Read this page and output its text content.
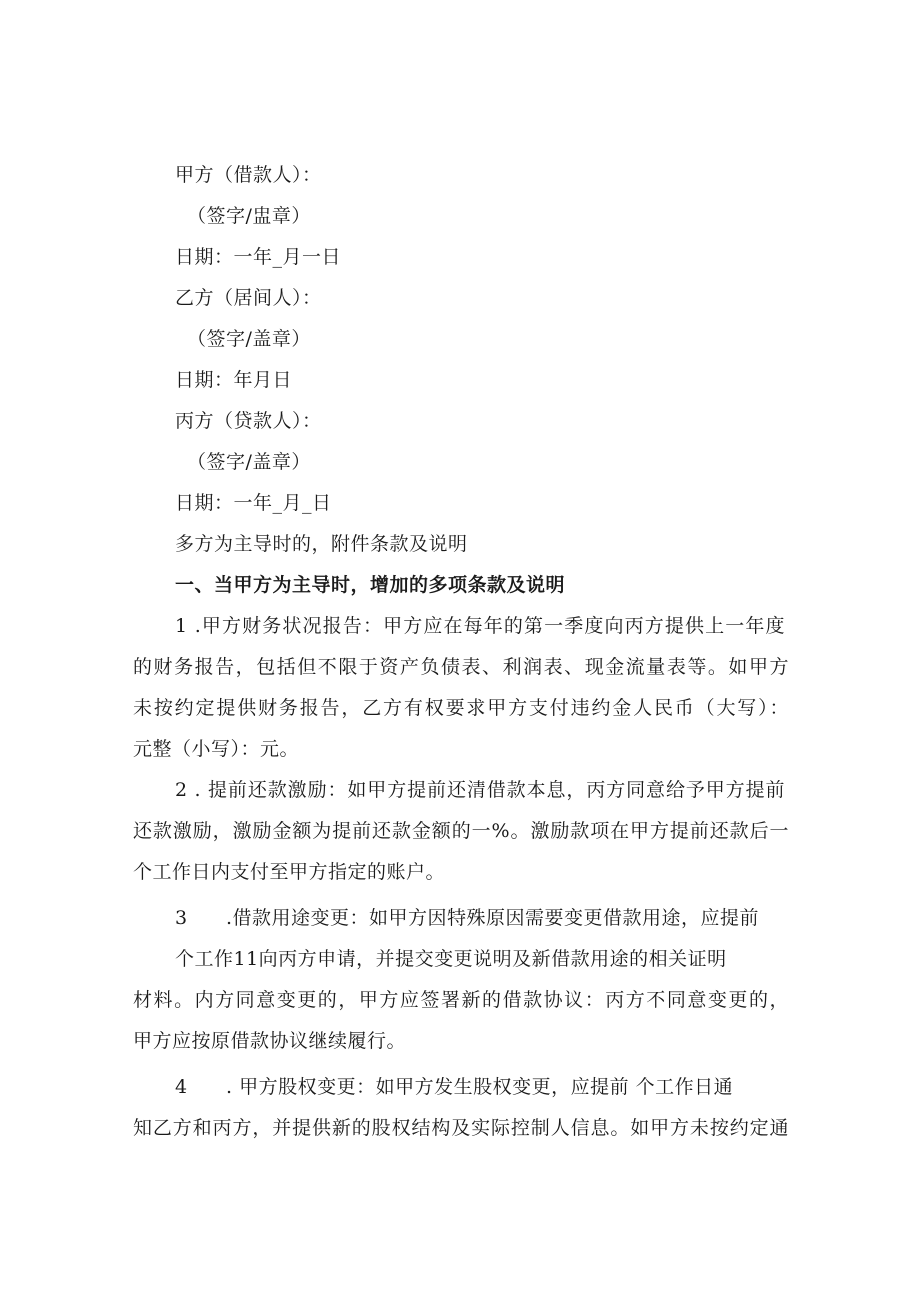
甲方（借款人）：
（签字/盅章）
日期：一年_月一日
乙方（居间人）：
（签字/盖章）
日期：年月日
丙方（贷款人）：
（签字/盖章）
日期：一年_月_日
多方为主导时的，附件条款及说明
一、当甲方为主导时，增加的多项条款及说明
1 .甲方财务状况报告：甲方应在每年的第一季度向丙方提供上一年度
的财务报告，包括但不限于资产负债表、利润表、现金流量表等。如甲方
未按约定提供财务报告，乙方有权要求甲方支付违约金人民币（大写）：
元整（小写）：元。
2 . 提前还款激励：如甲方提前还清借款本息，丙方同意给予甲方提前
还款激励，激励金额为提前还款金额的一%。激励款项在甲方提前还款后一
个工作日内支付至甲方指定的账户。
3 .借款用途变更：如甲方因特殊原因需要变更借款用途，应提前
个工作11向丙方申请，并提交变更说明及新借款用途的相关证明
材料。内方同意变更的，甲方应签署新的借款协议：丙方不同意变更的，
甲方应按原借款协议继续履行。
4 . 甲方股权变更：如甲方发生股权变更，应提前 个工作日通
知乙方和丙方，并提供新的股权结构及实际控制人信息。如甲方未按约定通
